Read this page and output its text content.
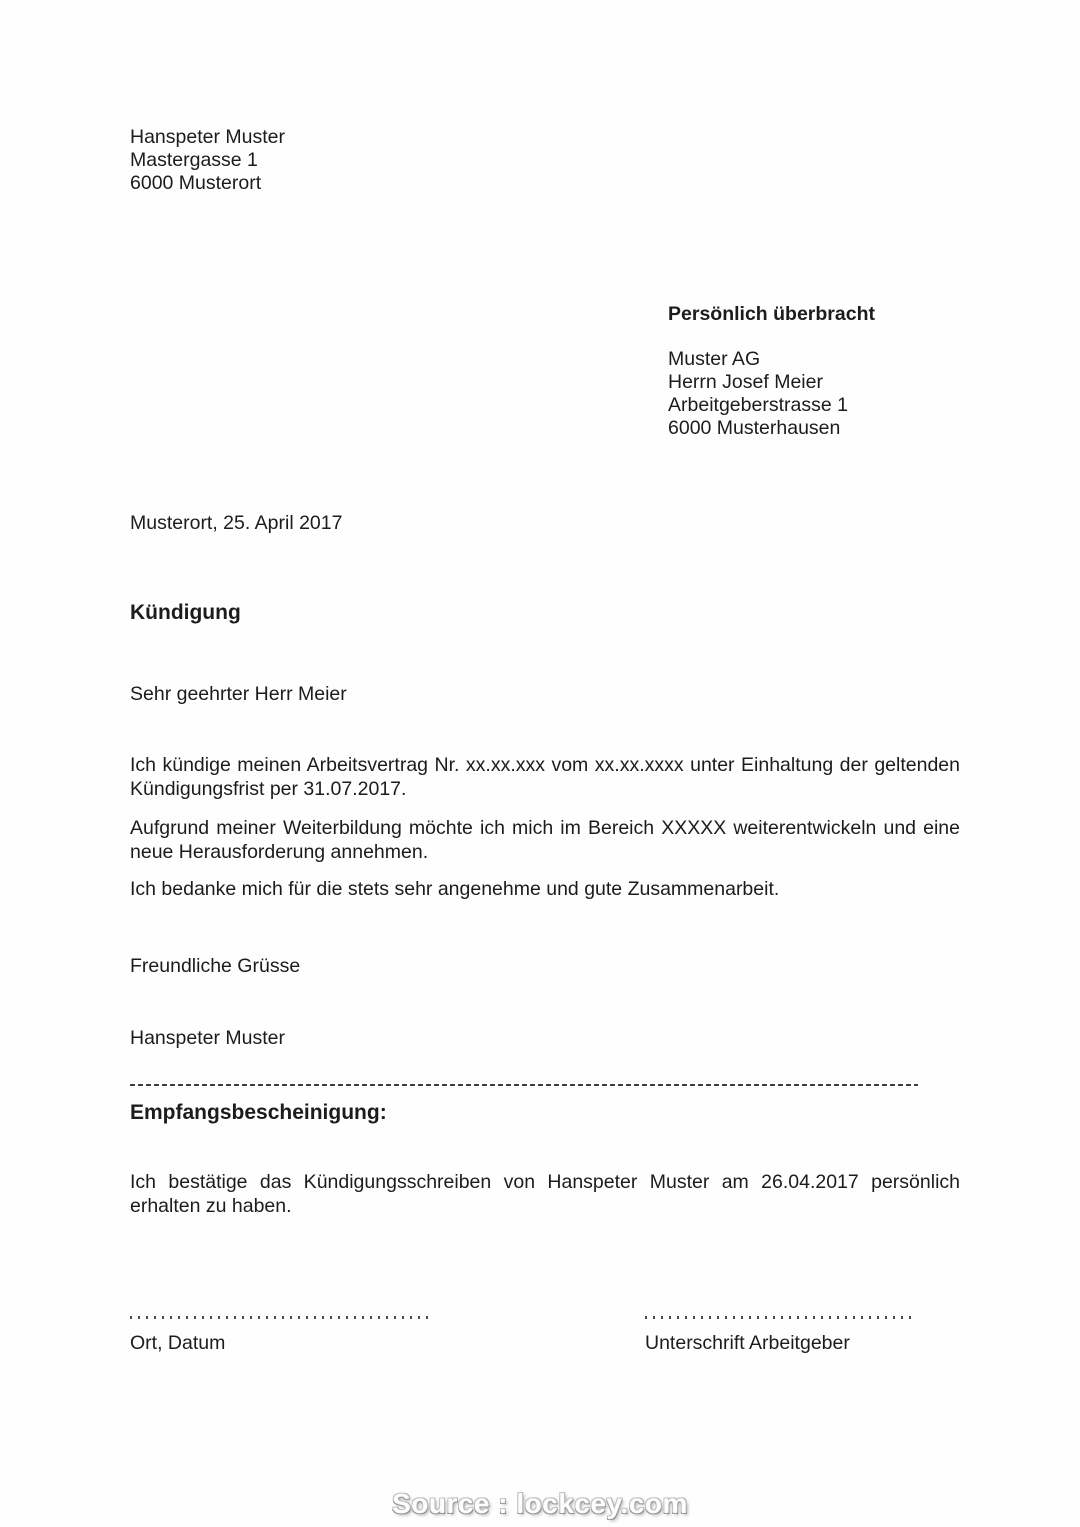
Hanspeter Muster
Mastergasse 1
6000 Musterort
Persönlich überbracht
Muster AG
Herrn Josef Meier
Arbeitgeberstrasse 1
6000 Musterhausen
Musterort, 25. April 2017
Kündigung
Sehr geehrter Herr Meier
Ich kündige meinen Arbeitsvertrag Nr. xx.xx.xxx vom xx.xx.xxxx unter Einhaltung der geltenden Kündigungsfrist per 31.07.2017.
Aufgrund meiner Weiterbildung möchte ich mich im Bereich XXXXX weiterentwickeln und eine neue Herausforderung annehmen.
Ich bedanke mich für die stets sehr angenehme und gute Zusammenarbeit.
Freundliche Grüsse
Hanspeter Muster
Empfangsbescheinigung:
Ich bestätige das Kündigungsschreiben von Hanspeter Muster am 26.04.2017 persönlich erhalten zu haben.
Ort, Datum	Unterschrift Arbeitgeber
Source : lockcey.com
